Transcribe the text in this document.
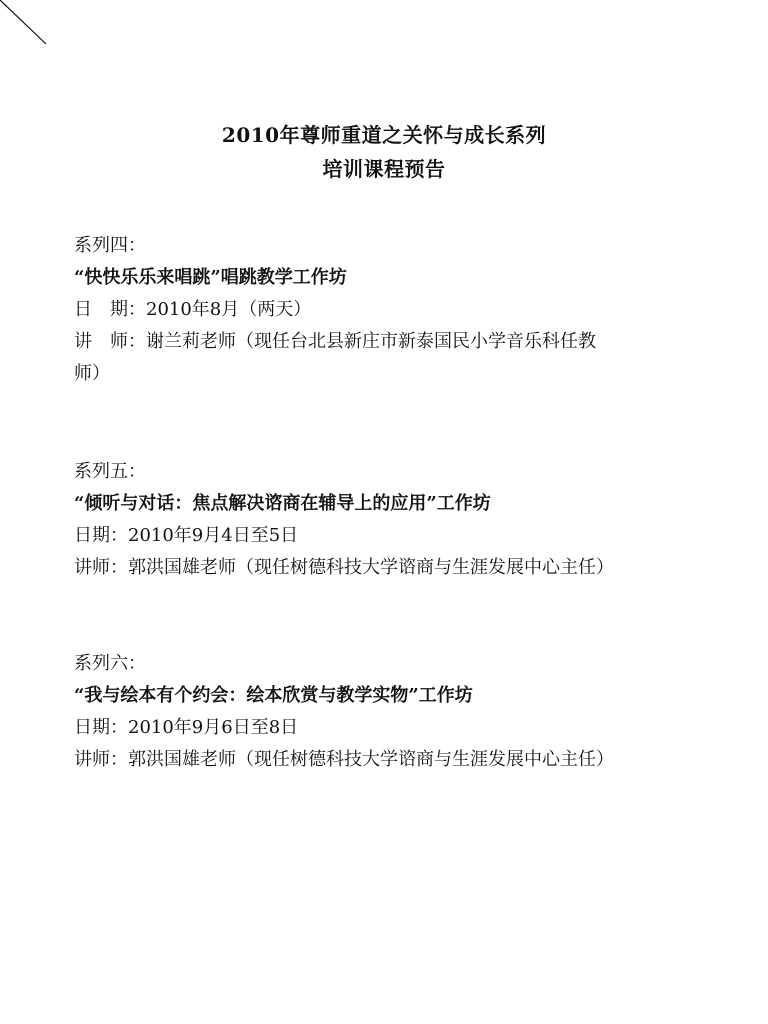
2010年尊师重道之关怀与成长系列
培训课程预告
系列四：
“快快乐乐来唱跳”唱跳教学工作坊
日　期：2010年8月（两天）
讲　师：谢兰莉老师（现任台北县新庄市新泰国民小学音乐科任教
师）
系列五：
“倾听与对话：焦点解决谘商在辅导上的应用”工作坊
日期：2010年9月4日至5日
讲师：郭洪国雄老师（现任树德科技大学谘商与生涯发展中心主任）
系列六：
“我与绘本有个约会：绘本欣赏与教学实物”工作坊
日期：2010年9月6日至8日
讲师：郭洪国雄老师（现任树德科技大学谘商与生涯发展中心主任）
